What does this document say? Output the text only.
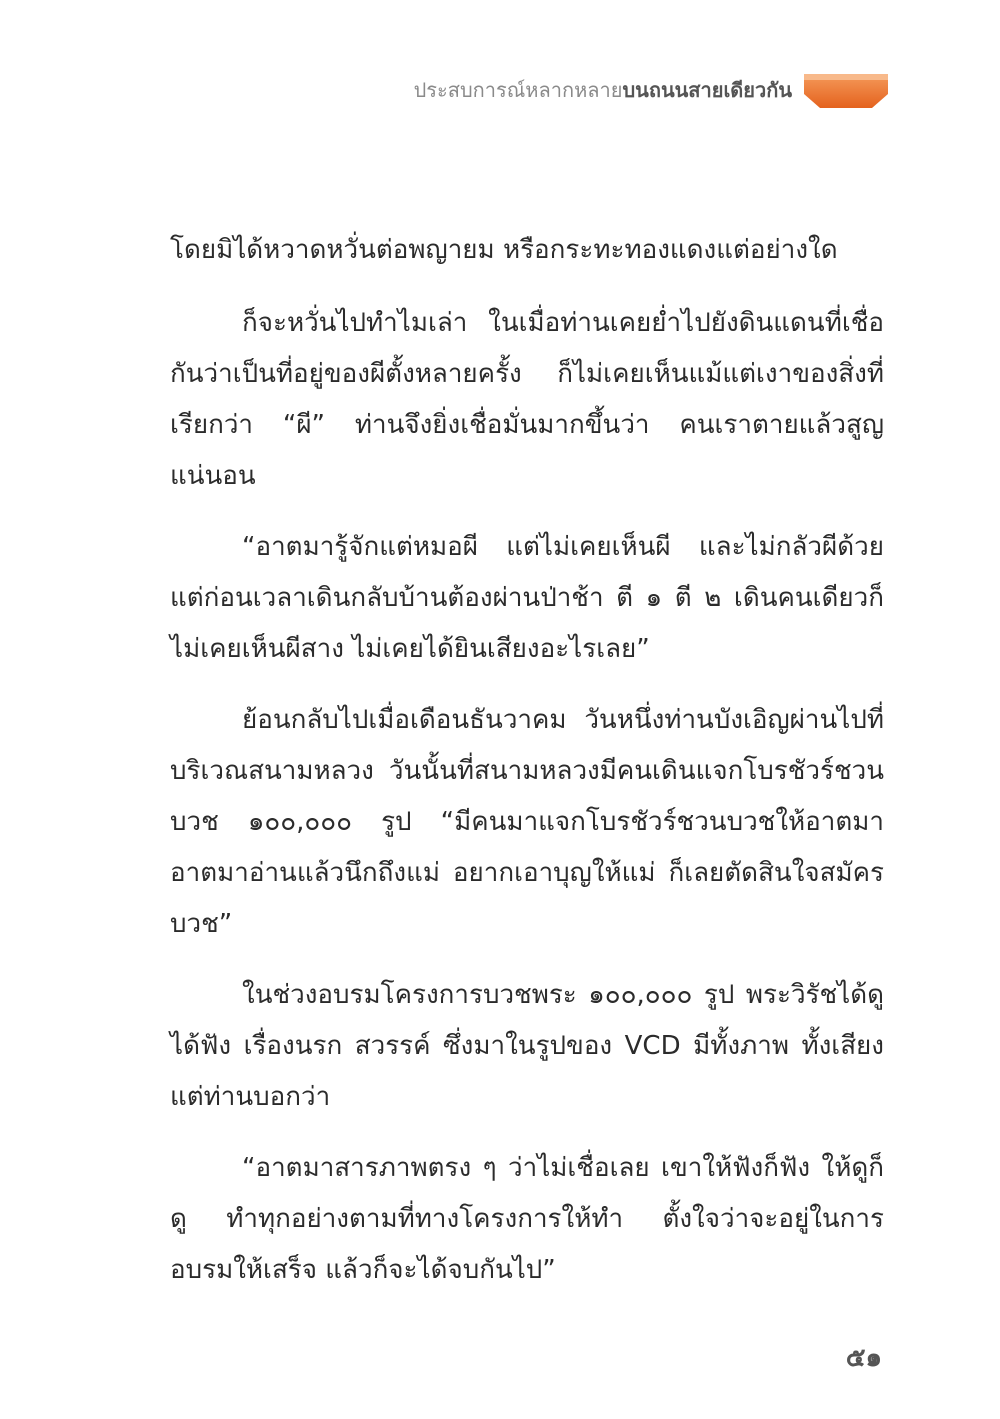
ประสบการณ์หลากหลายบนถนนสายเดียวกัน

โดยมิได้หวาดหวั่นต่อพญายม หรือกระทะทองแดงแต่อย่างใด

ก็จะหวั่นไปทำไมเล่า ในเมื่อท่านเคยย่ำไปยังดินแดนที่เชื่อกันว่าเป็นที่อยู่ของผีตั้งหลายครั้ง ก็ไม่เคยเห็นแม้แต่เงาของสิ่งที่เรียกว่า “ผี” ท่านจึงยิ่งเชื่อมั่นมากขึ้นว่า คนเราตายแล้วสูญแน่นอน

“อาตมารู้จักแต่หมอผี แต่ไม่เคยเห็นผี และไม่กลัวผีด้วย แต่ก่อนเวลาเดินกลับบ้านต้องผ่านป่าช้า ตี ๑ ตี ๒ เดินคนเดียวก็ไม่เคยเห็นผีสาง ไม่เคยได้ยินเสียงอะไรเลย”

ย้อนกลับไปเมื่อเดือนธันวาคม วันหนึ่งท่านบังเอิญผ่านไปที่บริเวณสนามหลวง วันนั้นที่สนามหลวงมีคนเดินแจกโบรชัวร์ชวนบวช ๑๐๐,๐๐๐ รูป “มีคนมาแจกโบรชัวร์ชวนบวชให้อาตมา อาตมาอ่านแล้วนึกถึงแม่ อยากเอาบุญให้แม่ ก็เลยตัดสินใจสมัครบวช”

ในช่วงอบรมโครงการบวชพระ ๑๐๐,๐๐๐ รูป พระวิรัชได้ดูได้ฟัง เรื่องนรก สวรรค์ ซึ่งมาในรูปของ VCD มีทั้งภาพ ทั้งเสียง แต่ท่านบอกว่า

“อาตมาสารภาพตรง ๆ ว่าไม่เชื่อเลย เขาให้ฟังก็ฟัง ให้ดูก็ดู ทำทุกอย่างตามที่ทางโครงการให้ทำ ตั้งใจว่าจะอยู่ในการอบรมให้เสร็จ แล้วก็จะได้จบกันไป”

๕๑
